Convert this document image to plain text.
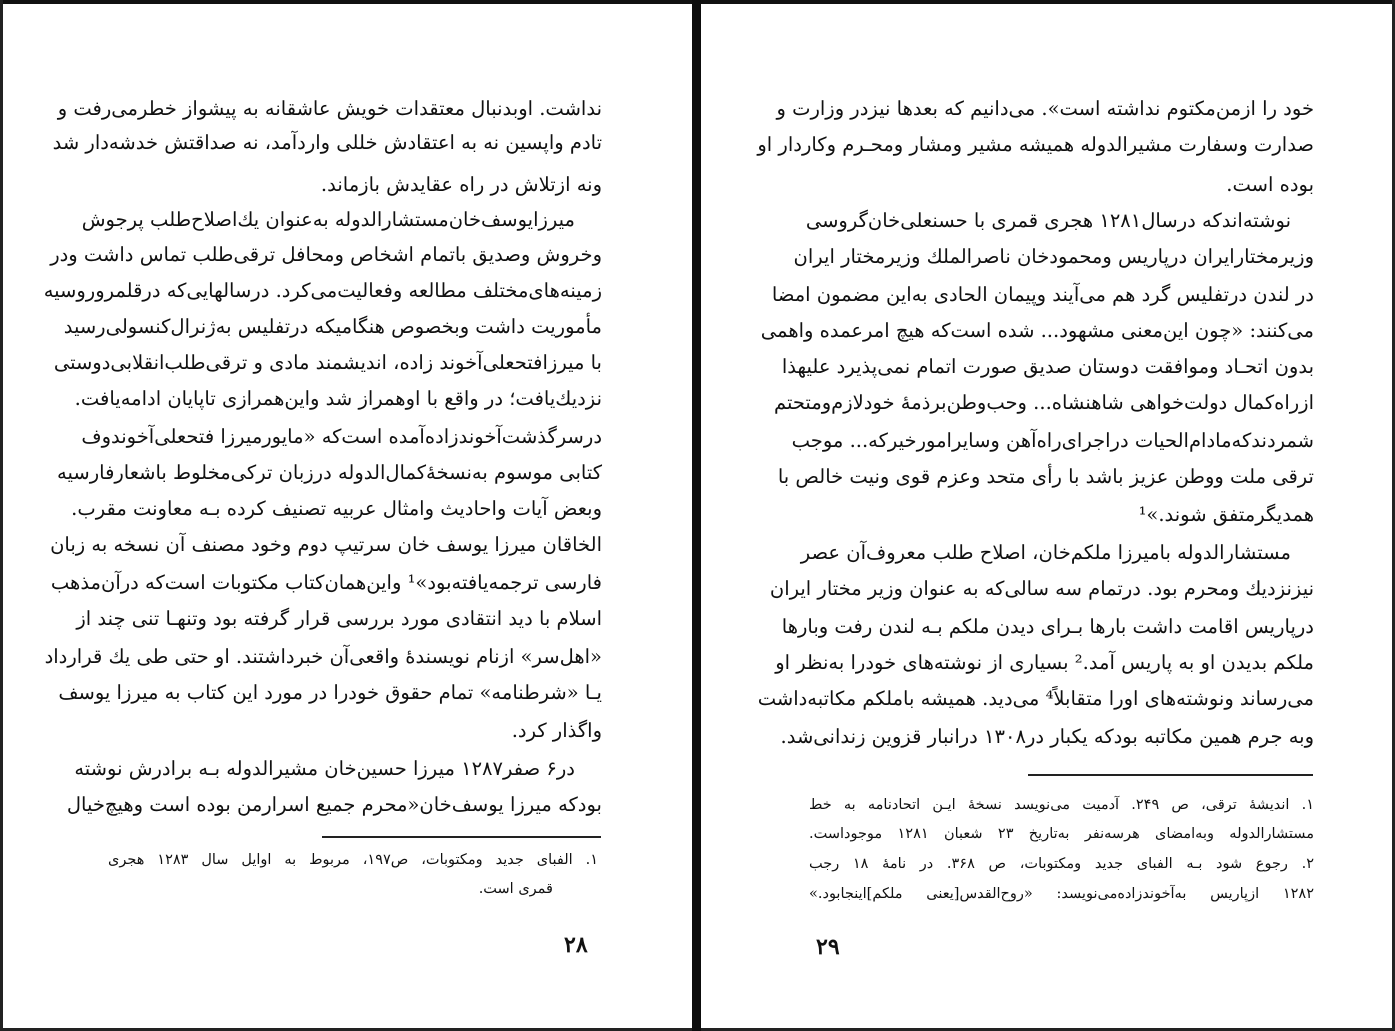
نداشت. اوبدنبال معتقدات خویش عاشقانه به پیشواز خطرمی‌رفت و
تادم واپسین نه به اعتقادش خللی واردآمد، نه صداقتش خدشه‌دار شد
ونه ازتلاش در راه عقایدش بازماند.
میرزایوسف‌خان‌مستشارالدوله به‌عنوان یك‌اصلاح‌طلب پرجوش
وخروش وصدیق باتمام اشخاص ومحافل ترقی‌طلب تماس داشت ودر
زمینه‌های‌مختلف مطالعه وفعالیت‌می‌کرد. درسالهایی‌که درقلمروروسیه
مأموریت داشت وبخصوص هنگامیکه درتفلیس به‌ژنرال‌کنسولی‌رسید
با میرزافتحعلی‌آخوند زاده، اندیشمند مادی و ترقی‌طلب‌انقلابی‌دوستی
نزدیك‌یافت؛ در واقع با اوهمراز شد واین‌همرازی تاپایان ادامه‌یافت.
درسرگذشت‌آخوندزاده‌آمده است‌که «مایورمیرزا فتحعلی‌آخوندوف
کتابی موسوم به‌نسخهٔ‌کمال‌الدوله درزبان ترکی‌مخلوط باشعارفارسیه
وبعض آیات واحادیث وامثال عربیه تصنیف کرده بـه معاونت مقرب.
الخاقان میرزا یوسف خان سرتیپ دوم وخود مصنف آن نسخه به زبان
فارسی ترجمه‌یافته‌بود»¹ واین‌همان‌کتاب مکتوبات است‌که درآن‌مذهب
اسلام با دید انتقادی مورد بررسی قرار گرفته بود وتنهـا تنی چند از
«اهل‌سر» ازنام نویسندهٔ واقعی‌آن خبرداشتند. او حتی طی یك قرارداد
یـا «شرطنامه» تمام حقوق خودرا در مورد این کتاب به میرزا یوسف
واگذار کرد.
در۶ صفر۱۲۸۷ میرزا حسین‌خان مشیرالدوله بـه برادرش نوشته
بودکه میرزا یوسف‌خان«محرم جمیع اسرارمن بوده است وهیچ‌خیال
۱. الفبای جدید ومکتوبات، ص۱۹۷، مربوط به اوایل سال ۱۲۸۳ هجری
قمری است.
۲۸
خود را ازمن‌مکتوم نداشته است». می‌دانیم که بعدها نیزدر وزارت و
صدارت وسفارت مشیرالدوله همیشه مشیر ومشار ومحـرم وکاردار او
بوده است.
نوشته‌اندکه درسال۱۲۸۱ هجری قمری با حسنعلی‌خان‌گروسی
وزیرمختارایران درپاریس ومحمودخان ناصرالملك وزیرمختار ایران
در لندن درتفلیس گرد هم می‌آیند وپیمان الحادی به‌این مضمون امضا
می‌کنند: «چون این‌معنی مشهود... شده است‌که هیچ امرعمده واهمی
بدون اتحـاد وموافقت دوستان صدیق صورت اتمام نمی‌پذیرد علیهذا
ازراه‌کمال دولت‌خواهی شاهنشاه... وحب‌وطن‌برذمهٔ خودلازم‌ومتحتم
شمردندکه‌مادام‌الحیات دراجرای‌راه‌آهن وسایرامورخیرکه... موجب
ترقی ملت ووطن عزیز باشد با رأی متحد وعزم قوی ونیت خالص با
همدیگرمتفق شوند.»¹
مستشارالدوله بامیرزا ملکم‌خان، اصلاح طلب معروف‌آن عصر
نیزنزدیك ومحرم بود. درتمام سه سالی‌که به عنوان وزیر مختار ایران
درپاریس اقامت داشت بارها بـرای دیدن ملکم بـه لندن رفت وبارها
ملکم بدیدن او به پاریس آمد.² بسیاری از نوشته‌های خودرا به‌نظر او
می‌رساند ونوشته‌های اورا متقابلاً⁴ می‌دید. همیشه باملکم مکاتبه‌داشت
وبه جرم همین مکاتبه بودکه یکبار در۱۳۰۸ درانبار قزوین زندانی‌شد.
۱. اندیشهٔ ترقی، ص ۲۴۹. آدمیت می‌نویسد نسخهٔ ایـن اتحادنامه به خط
مستشارالدوله وبه‌امضای هرسه‌نفر به‌تاریخ ۲۳ شعبان ۱۲۸۱ موجوداست.
۲. رجوع شود بـه الفبای جدید ومکتوبات، ص ۳۶۸. در نامهٔ ۱۸ رجب
۱۲۸۲ ازپاریس به‌آخوندزاده‌می‌نویسد: «روح‌القدس[یعنی ملکم]اینجابود.»
۲۹
